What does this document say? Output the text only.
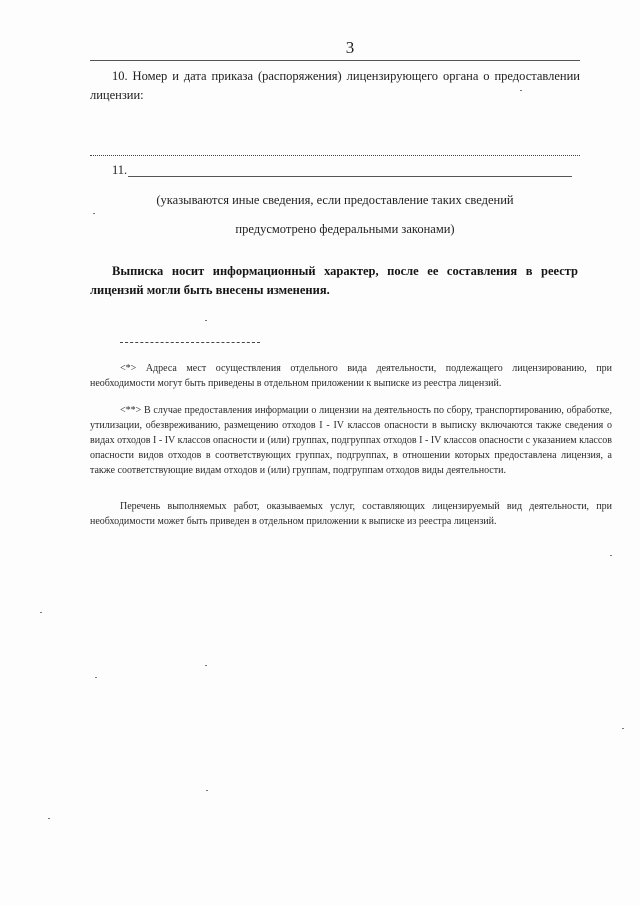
3
10. Номер и дата приказа (распоряжения) лицензирующего органа о предоставлении лицензии:
11.
(указываются иные сведения, если предоставление таких сведений
предусмотрено федеральными законами)
Выписка носит информационный характер, после ее составления в реестр лицензий могли быть внесены изменения.
<*> Адреса мест осуществления отдельного вида деятельности, подлежащего лицензированию, при необходимости могут быть приведены в отдельном приложении к выписке из реестра лицензий.
<**> В случае предоставления информации о лицензии на деятельность по сбору, транспортированию, обработке, утилизации, обезвреживанию, размещению отходов I - IV классов опасности в выписку включаются также сведения о видах отходов I - IV классов опасности и (или) группах, подгруппах отходов I - IV классов опасности с указанием классов опасности видов отходов в соответствующих группах, подгруппах, в отношении которых предоставлена лицензия, а также соответствующие видам отходов и (или) группам, подгруппам отходов виды деятельности.
Перечень выполняемых работ, оказываемых услуг, составляющих лицензируемый вид деятельности, при необходимости может быть приведен в отдельном приложении к выписке из реестра лицензий.
